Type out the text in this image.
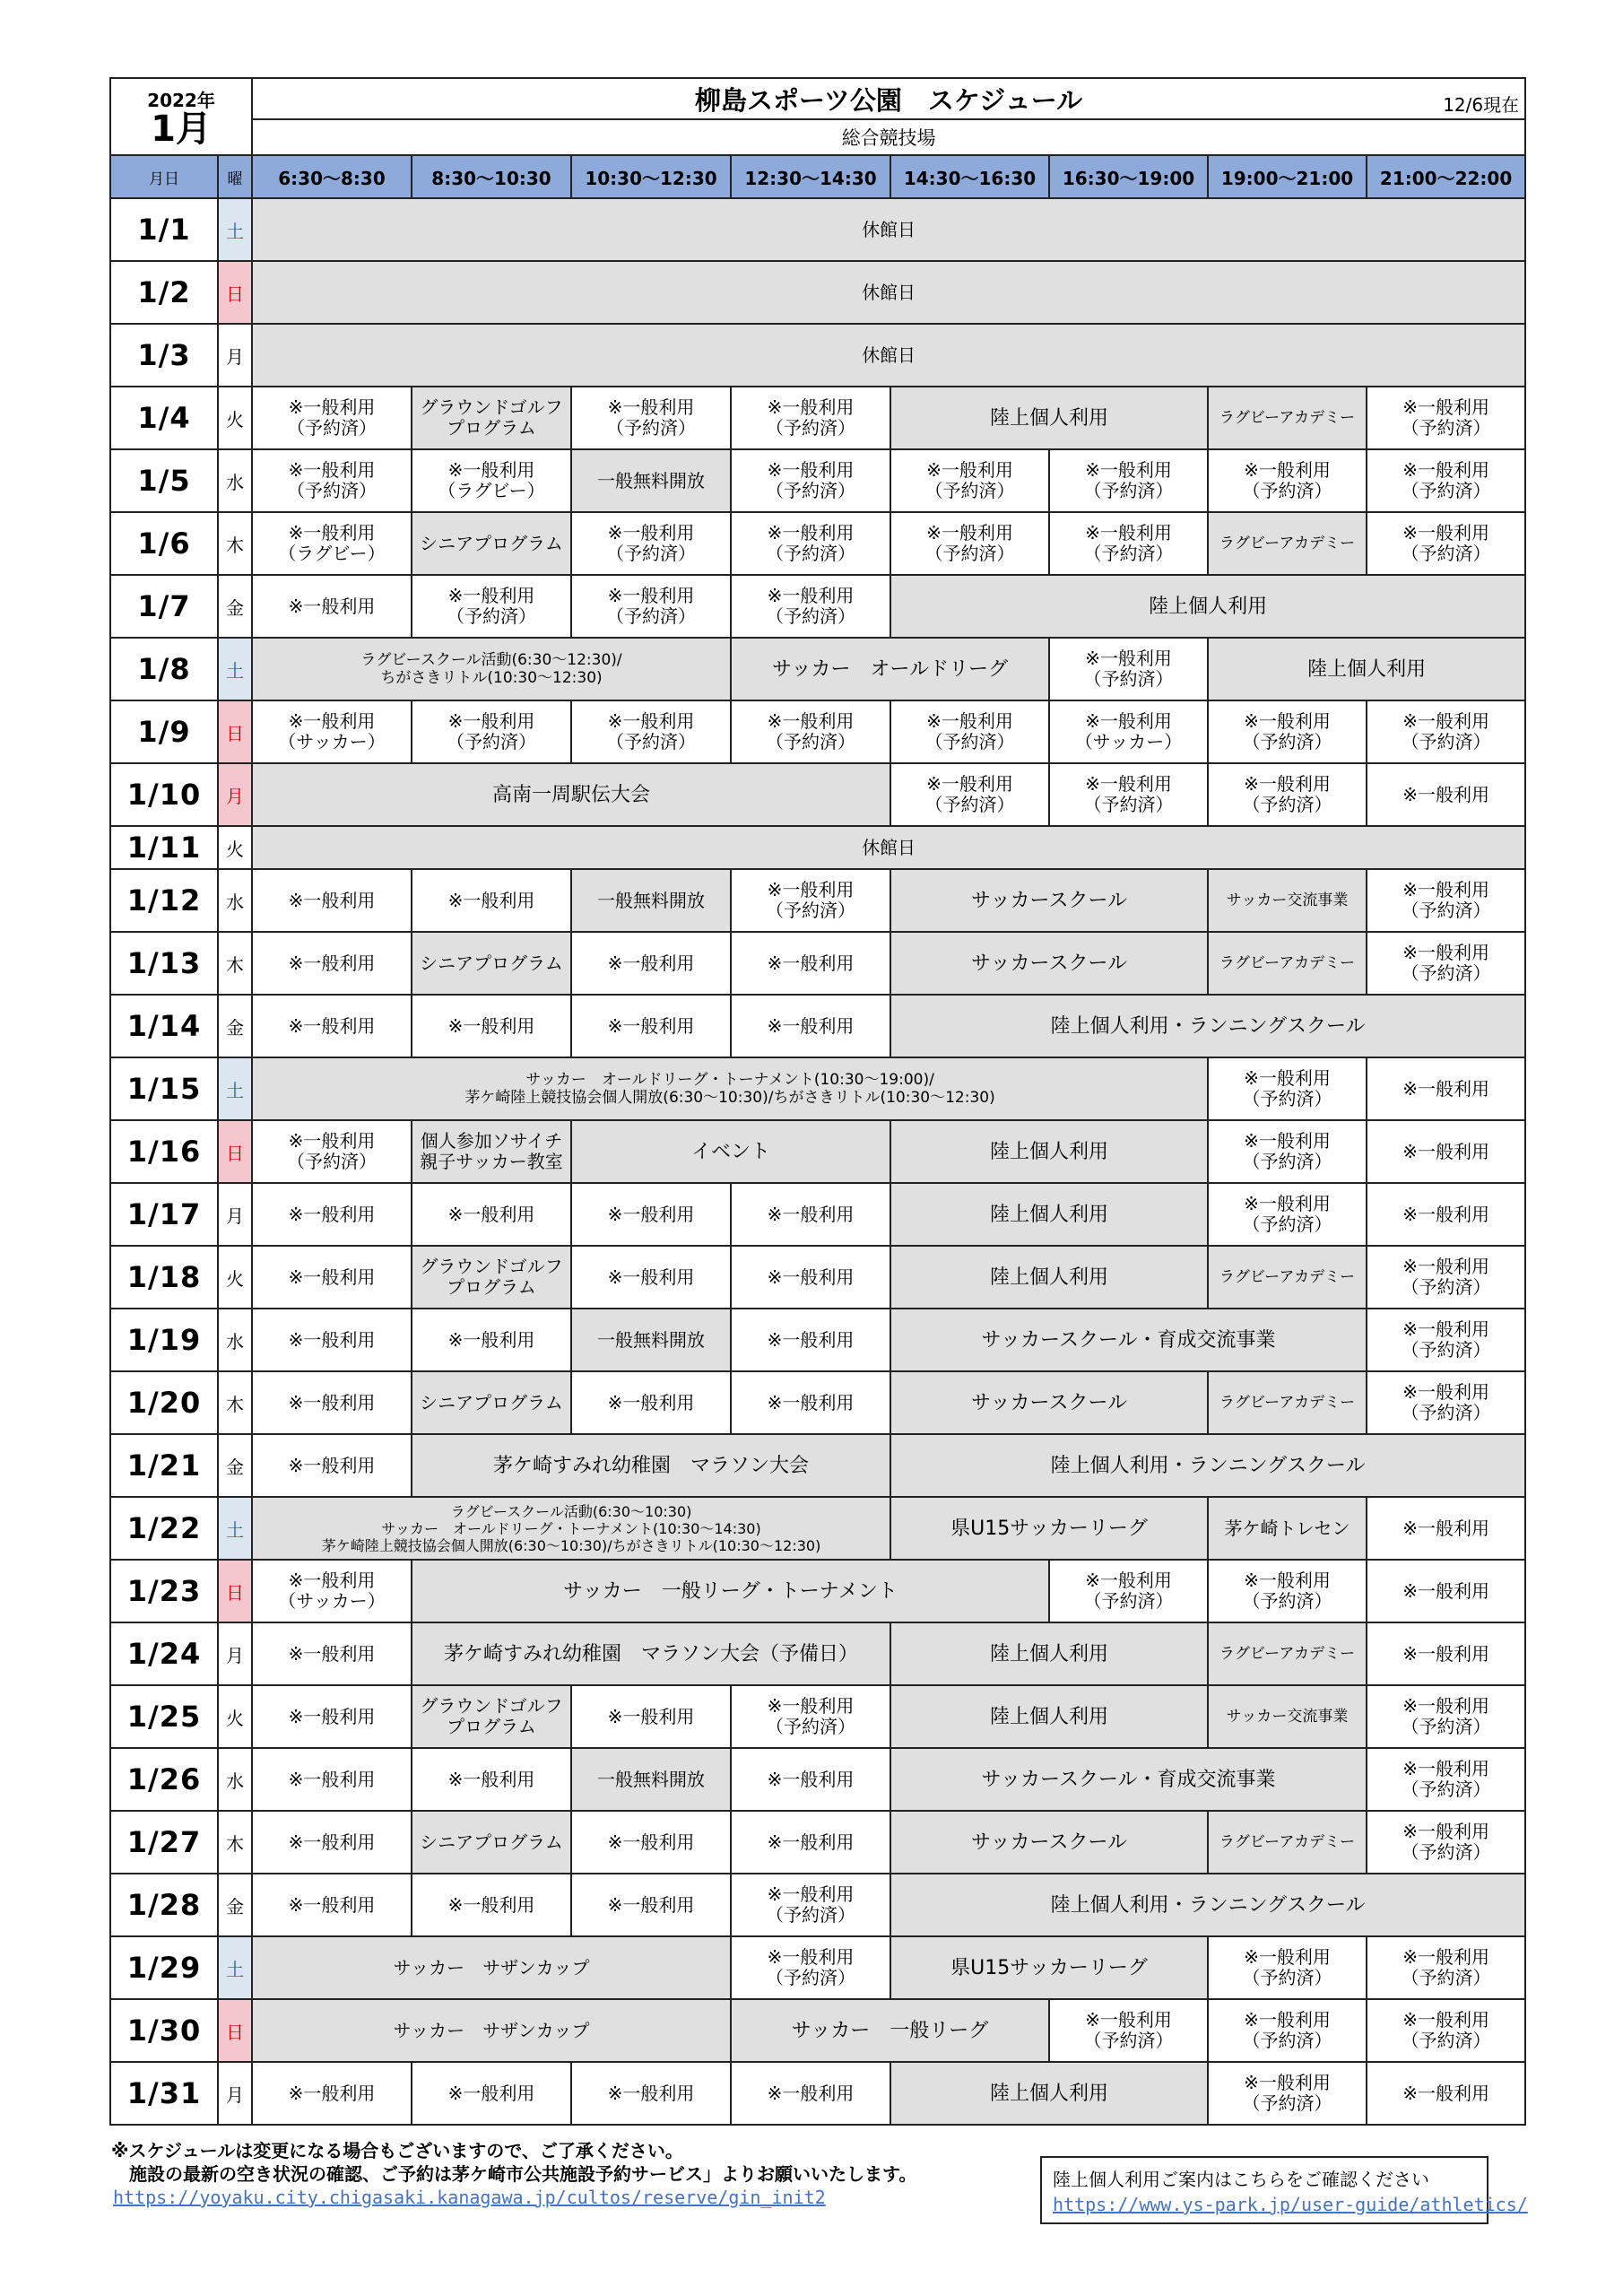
2022年
1月		柳島スポーツ公園　スケジュール 12/6現在							

		総合競技場							
月日	曜	6:30～8:30	8:30～10:30	10:30～12:30	12:30～14:30	14:30～16:30	16:30～19:00	19:00～21:00	21:00～22:00
1/1	土	休館日							
1/2	日	休館日							
1/3	月	休館日							
1/4	火	※一般利用
（予約済）	グラウンドゴルフ
プログラム	※一般利用
（予約済）	※一般利用
（予約済）	陸上個人利用		ラグビーアカデミー	※一般利用
（予約済）
1/5	水	※一般利用
（予約済）	※一般利用
（ラグビー）	一般無料開放	※一般利用
（予約済）	※一般利用
（予約済）	※一般利用
（予約済）	※一般利用
（予約済）	※一般利用
（予約済）
1/6	木	※一般利用
（ラグビー）	シニアプログラム	※一般利用
（予約済）	※一般利用
（予約済）	※一般利用
（予約済）	※一般利用
（予約済）	ラグビーアカデミー	※一般利用
（予約済）
1/7	金	※一般利用	※一般利用
（予約済）	※一般利用
（予約済）	※一般利用
（予約済）	陸上個人利用			
1/8	土	ラグビースクール活動(6:30～12:30)/
ちがさきリトル(10:30～12:30)			サッカー　オールドリーグ		※一般利用
（予約済）	陸上個人利用	
1/9	日	※一般利用
（サッカー）	※一般利用
（予約済）	※一般利用
（予約済）	※一般利用
（予約済）	※一般利用
（予約済）	※一般利用
（サッカー）	※一般利用
（予約済）	※一般利用
（予約済）
1/10	月	高南一周駅伝大会				※一般利用
（予約済）	※一般利用
（予約済）	※一般利用
（予約済）	※一般利用
1/11	火	休館日							
1/12	水	※一般利用	※一般利用	一般無料開放	※一般利用
（予約済）	サッカースクール		サッカー交流事業	※一般利用
（予約済）
1/13	木	※一般利用	シニアプログラム	※一般利用	※一般利用	サッカースクール		ラグビーアカデミー	※一般利用
（予約済）
1/14	金	※一般利用	※一般利用	※一般利用	※一般利用	陸上個人利用・ランニングスクール			
1/15	土	サッカー　オールドリーグ・トーナメント(10:30～19:00)/
茅ケ崎陸上競技協会個人開放(6:30～10:30)/ちがさきリトル(10:30～12:30)						※一般利用
（予約済）	※一般利用
1/16	日	※一般利用
（予約済）	個人参加ソサイチ
親子サッカー教室	イベント		陸上個人利用		※一般利用
（予約済）	※一般利用
1/17	月	※一般利用	※一般利用	※一般利用	※一般利用	陸上個人利用		※一般利用
（予約済）	※一般利用
1/18	火	※一般利用	グラウンドゴルフ
プログラム	※一般利用	※一般利用	陸上個人利用		ラグビーアカデミー	※一般利用
（予約済）
1/19	水	※一般利用	※一般利用	一般無料開放	※一般利用	サッカースクール・育成交流事業			※一般利用
（予約済）
1/20	木	※一般利用	シニアプログラム	※一般利用	※一般利用	サッカースクール		ラグビーアカデミー	※一般利用
（予約済）
1/21	金	※一般利用	茅ケ崎すみれ幼稚園　マラソン大会			陸上個人利用・ランニングスクール			
1/22	土	ラグビースクール活動(6:30～10:30)
サッカー　オールドリーグ・トーナメント(10:30～14:30)
茅ケ崎陸上競技協会個人開放(6:30～10:30)/ちがさきリトル(10:30～12:30)				県U15サッカーリーグ		茅ケ崎トレセン	※一般利用
1/23	日	※一般利用
（サッカー）	サッカー　一般リーグ・トーナメント				※一般利用
（予約済）	※一般利用
（予約済）	※一般利用
1/24	月	※一般利用	茅ケ崎すみれ幼稚園　マラソン大会（予備日）			陸上個人利用		ラグビーアカデミー	※一般利用
1/25	火	※一般利用	グラウンドゴルフ
プログラム	※一般利用	※一般利用
（予約済）	陸上個人利用		サッカー交流事業	※一般利用
（予約済）
1/26	水	※一般利用	※一般利用	一般無料開放	※一般利用	サッカースクール・育成交流事業			※一般利用
（予約済）
1/27	木	※一般利用	シニアプログラム	※一般利用	※一般利用	サッカースクール		ラグビーアカデミー	※一般利用
（予約済）
1/28	金	※一般利用	※一般利用	※一般利用	※一般利用
（予約済）	陸上個人利用・ランニングスクール			
1/29	土	サッカー　サザンカップ			※一般利用
（予約済）	県U15サッカーリーグ		※一般利用
（予約済）	※一般利用
（予約済）
1/30	日	サッカー　サザンカップ			サッカー　一般リーグ		※一般利用
（予約済）	※一般利用
（予約済）	※一般利用
（予約済）
1/31	月	※一般利用	※一般利用	※一般利用	※一般利用	陸上個人利用		※一般利用
（予約済）	※一般利用
※スケジュールは変更になる場合もございますので、ご了承ください。
　施設の最新の空き状況の確認、ご予約は茅ケ崎市公共施設予約サービス」よりお願いいたします。
https://yoyaku.city.chigasaki.kanagawa.jp/cultos/reserve/gin_init2
陸上個人利用ご案内はこちらをご確認ください
https://www.ys-park.jp/user-guide/athletics/
